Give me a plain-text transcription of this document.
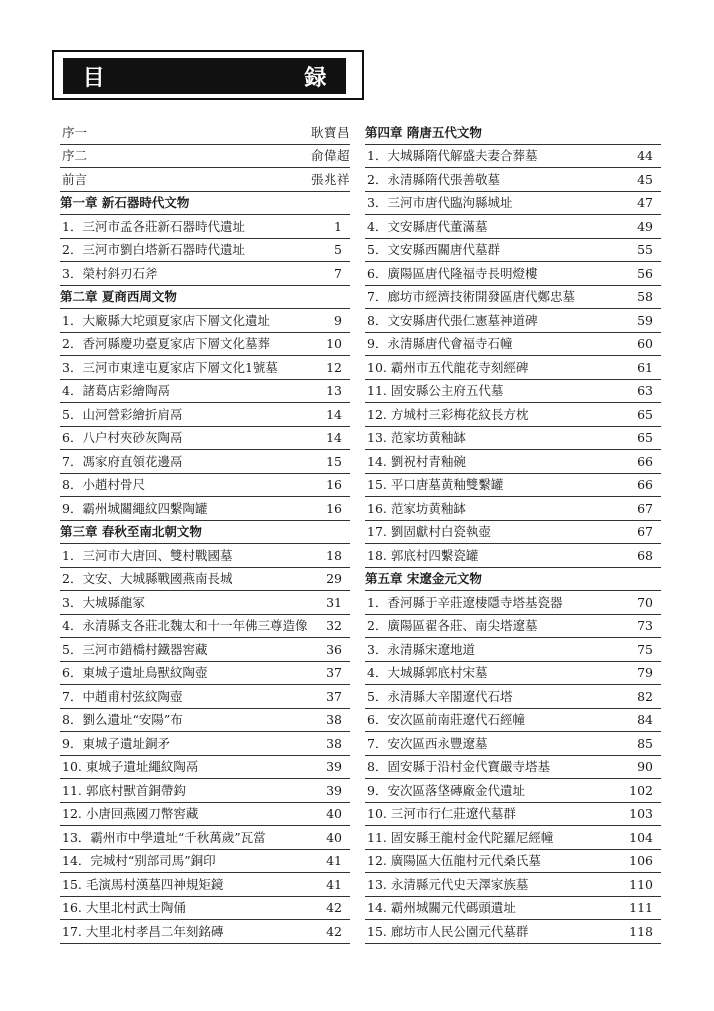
目 録
序一	耿寶昌
序二	俞偉超
前言	張兆祥
第一章 新石器時代文物
1．三河市孟各莊新石器時代遺址	1
2．三河市劉白塔新石器時代遺址	5
3．榮村斜刃石斧	7
第二章 夏商西周文物
1．大廠縣大坨頭夏家店下層文化遺址	9
2．香河縣慶功臺夏家店下層文化墓葬	10
3．三河市東達屯夏家店下層文化1號墓	12
4．諸葛店彩繪陶鬲	13
5．山河營彩繪折肩鬲	14
6．八户村夾砂灰陶鬲	14
7．馮家府直領花邊鬲	15
8．小趙村骨尺	16
9．霸州城關繩紋四繫陶罐	16
第三章 春秋至南北朝文物
1．三河市大唐回、雙村戰國墓	18
2．文安、大城縣戰國燕南長城	29
3．大城縣龍冢	31
4．永清縣支各莊北魏太和十一年佛三尊造像	32
5．三河市錯橋村鐵器窖藏	36
6．東城子遺址鳥獸紋陶壺	37
7．中趙甫村弦紋陶壺	37
8．劉么遺址“安陽”布	38
9．東城子遺址銅矛	38
10. 東城子遺址繩紋陶鬲	39
11. 郭底村獸首銅帶鈎	39
12. 小唐回燕國刀幣窖藏	40
13．霸州市中學遺址“千秋萬歲”瓦當	40
14．完城村“别部司馬”銅印	41
15. 毛演馬村漢墓四神規矩鏡	41
16. 大里北村武士陶俑	42
17. 大里北村孝昌二年刻銘磚	42
第四章 隋唐五代文物
1．大城縣隋代解盛夫妻合葬墓	44
2．永清縣隋代張善敬墓	45
3．三河市唐代臨泃縣城址	47
4．文安縣唐代董滿墓	49
5．文安縣西關唐代墓群	55
6．廣陽區唐代隆福寺長明燈樓	56
7．廊坊市經濟技術開發區唐代鄭忠墓	58
8．文安縣唐代張仁憲墓神道碑	59
9．永清縣唐代會福寺石幢	60
10. 霸州市五代龍花寺刻經碑	61
11. 固安縣公主府五代墓	63
12. 方城村三彩梅花紋長方枕	65
13. 范家坊黄釉缽	65
14. 劉祝村青釉碗	66
15. 平口唐墓黄釉雙繫罐	66
16. 范家坊黄釉缽	67
17. 劉固獻村白瓷執壺	67
18. 郭底村四繫瓷罐	68
第五章 宋遼金元文物
1．香河縣于辛莊遼棲隱寺塔基瓷器	70
2．廣陽區翟各莊、南尖塔遼墓	73
3．永清縣宋遼地道	75
4．大城縣郭底村宋墓	79
5．永清縣大辛閣遼代石塔	82
6．安次區前南莊遼代石經幢	84
7．安次區西永豐遼墓	85
8．固安縣于沿村金代寶嚴寺塔基	90
9．安次區落垡磚廠金代遺址	102
10. 三河市行仁莊遼代墓群	103
11. 固安縣王龍村金代陀羅尼經幢	104
12. 廣陽區大伍龍村元代桑氏墓	106
13. 永清縣元代史天澤家族墓	110
14. 霸州城關元代碼頭遺址	111
15. 廊坊市人民公園元代墓群	118
